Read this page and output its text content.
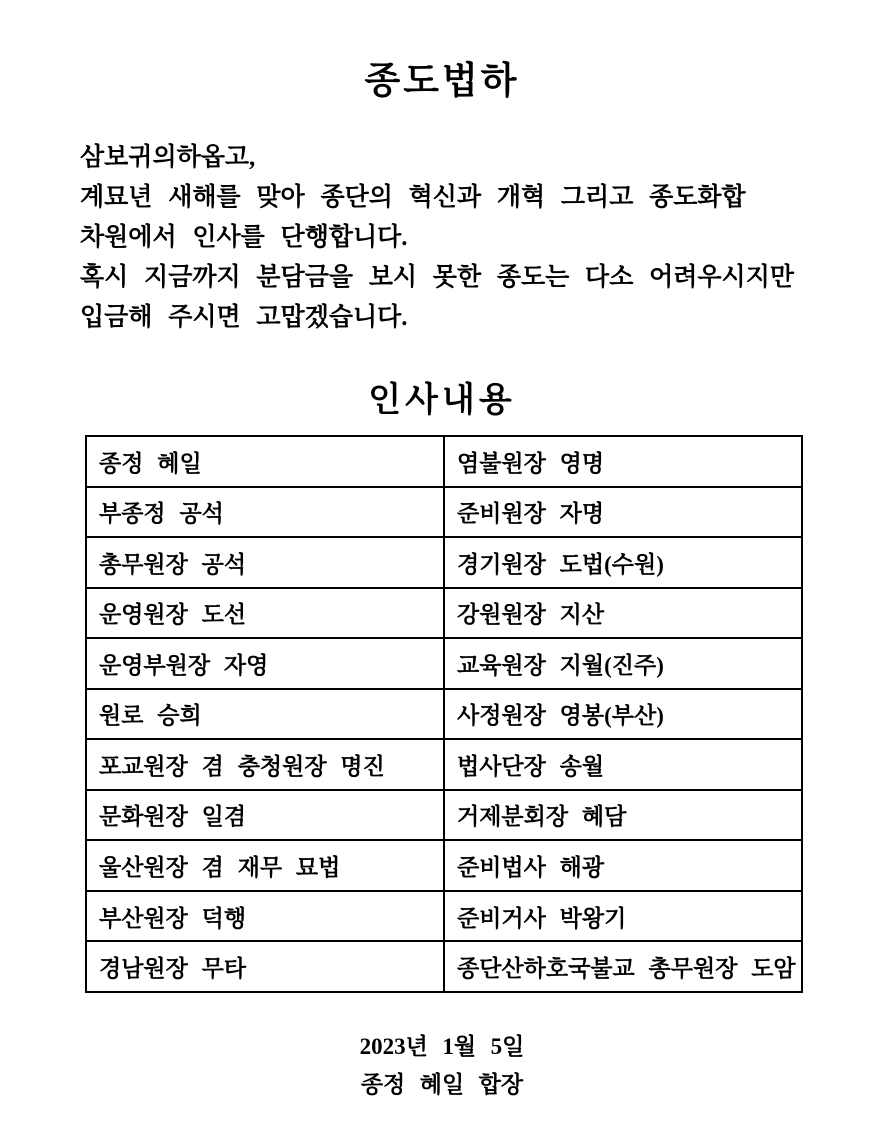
종도법하
삼보귀의하옵고,
계묘년 새해를 맞아 종단의 혁신과 개혁 그리고 종도화합
차원에서 인사를 단행합니다.
혹시 지금까지 분담금을 보시 못한 종도는 다소 어려우시지만
입금해 주시면 고맙겠습니다.
인사내용
종정 혜일	염불원장 영명
부종정 공석	준비원장 자명
총무원장 공석	경기원장 도법(수원)
운영원장 도선	강원원장 지산
운영부원장 자영	교육원장 지월(진주)
원로 승희	사정원장 영봉(부산)
포교원장 겸 충청원장 명진	법사단장 송월
문화원장 일겸	거제분회장 혜담
울산원장 겸 재무 묘법	준비법사 해광
부산원장 덕행	준비거사 박왕기
경남원장 무타	종단산하호국불교 총무원장 도암
2023년 1월 5일
종정 혜일 합장
